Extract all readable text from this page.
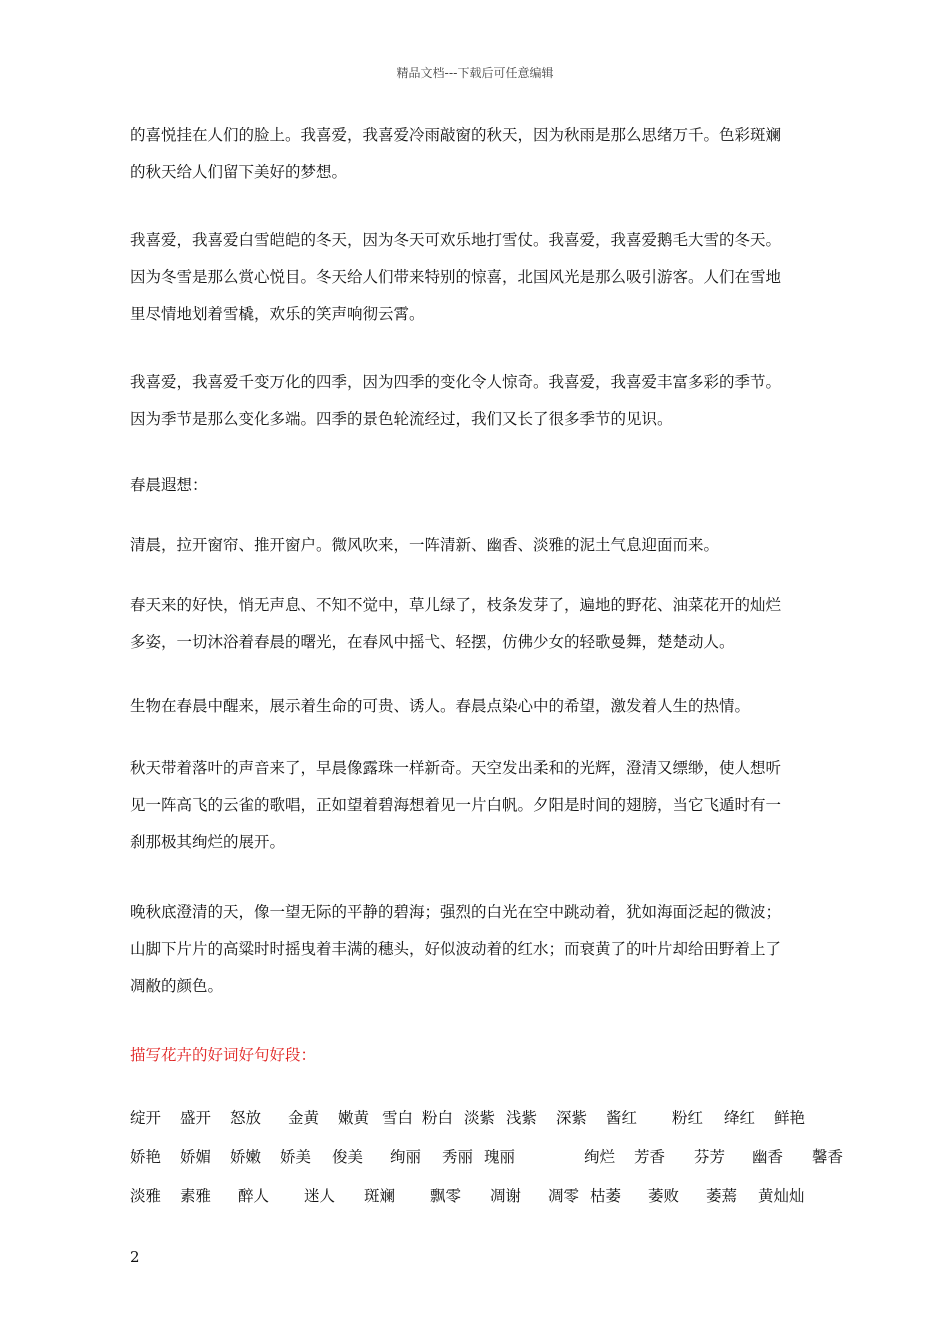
精品文档---下载后可任意编辑

的喜悦挂在人们的脸上。我喜爱，我喜爱冷雨敲窗的秋天，因为秋雨是那么思绪万千。色彩斑斓
的秋天给人们留下美好的梦想。

我喜爱，我喜爱白雪皑皑的冬天，因为冬天可欢乐地打雪仗。我喜爱，我喜爱鹅毛大雪的冬天。
因为冬雪是那么赏心悦目。冬天给人们带来特别的惊喜，北国风光是那么吸引游客。人们在雪地
里尽情地划着雪橇，欢乐的笑声响彻云霄。

我喜爱，我喜爱千变万化的四季，因为四季的变化令人惊奇。我喜爱，我喜爱丰富多彩的季节。
因为季节是那么变化多端。四季的景色轮流经过，我们又长了很多季节的见识。

春晨遐想：

清晨，拉开窗帘、推开窗户。微风吹来，一阵清新、幽香、淡雅的泥土气息迎面而来。

春天来的好快，悄无声息、不知不觉中，草儿绿了，枝条发芽了，遍地的野花、油菜花开的灿烂
多姿，一切沐浴着春晨的曙光，在春风中摇弋、轻摆，仿佛少女的轻歌曼舞，楚楚动人。

生物在春晨中醒来，展示着生命的可贵、诱人。春晨点染心中的希望，激发着人生的热情。

秋天带着落叶的声音来了，早晨像露珠一样新奇。天空发出柔和的光辉，澄清又缥缈，使人想听
见一阵高飞的云雀的歌唱，正如望着碧海想着见一片白帆。夕阳是时间的翅膀，当它飞遁时有一
刹那极其绚烂的展开。

晚秋底澄清的天，像一望无际的平静的碧海；强烈的白光在空中跳动着，犹如海面泛起的微波；
山脚下片片的高粱时时摇曳着丰满的穗头，好似波动着的红水；而衰黄了的叶片却给田野着上了
凋敝的颜色。

描写花卉的好词好句好段：

绽开 盛开 怒放 金黄 嫩黄 雪白 粉白 淡紫 浅紫 深紫 酱红 粉红 绛红 鲜艳
娇艳 娇媚 娇嫩 娇美 俊美 绚丽 秀丽 瑰丽	绚烂 芳香 芬芳 幽香 馨香
淡雅 素雅 醉人 迷人 斑斓 飘零 凋谢 凋零 枯萎 萎败 萎蔫 黄灿灿
2
